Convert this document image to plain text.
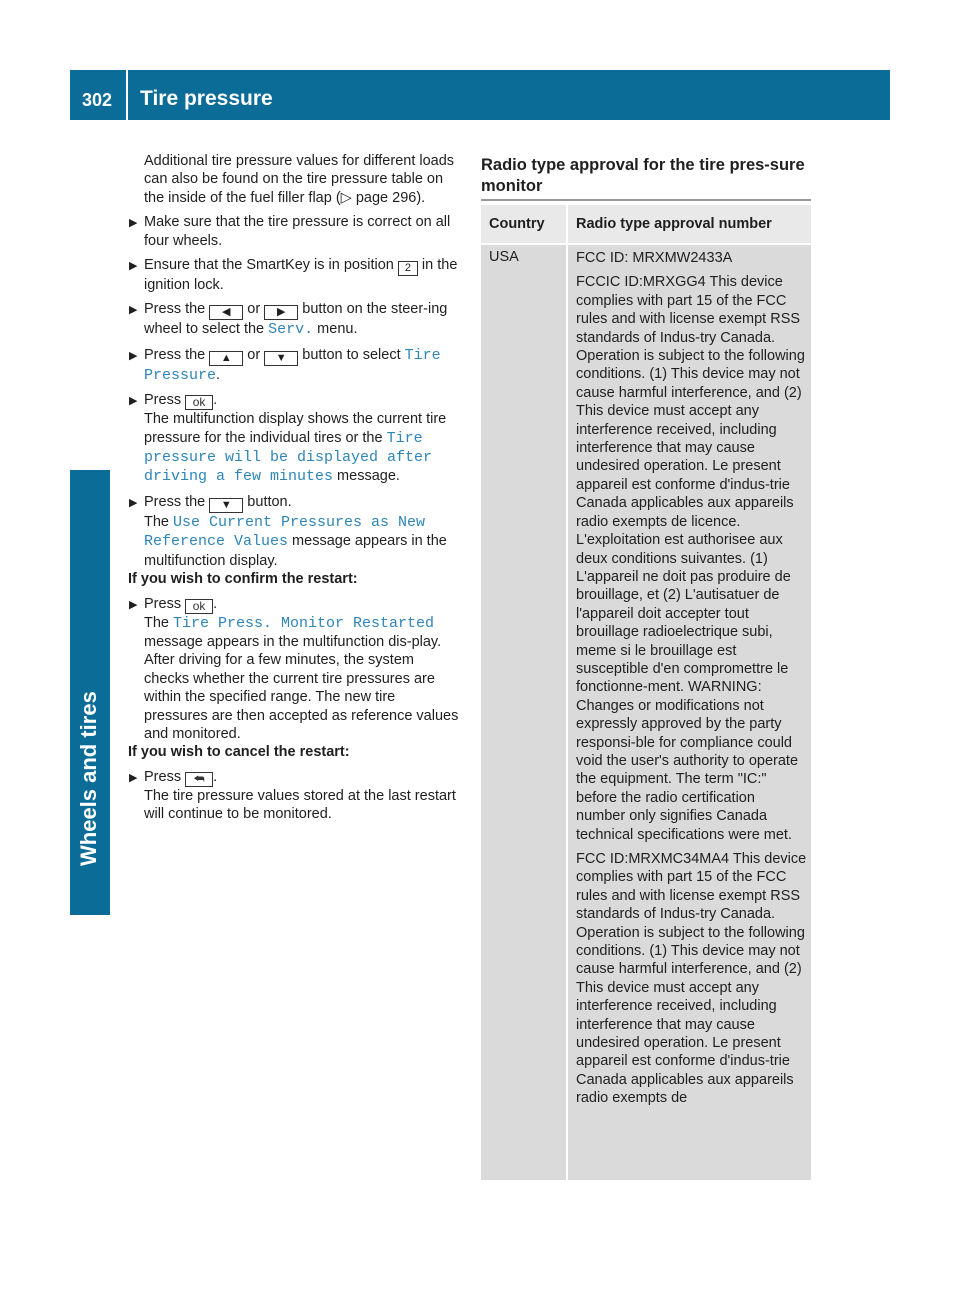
302 Tire pressure
Wheels and tires

Additional tire pressure values for different loads can also be found on the tire pressure table on the inside of the fuel filler flap (▷ page 296).

▶ Make sure that the tire pressure is correct on all four wheels.
▶ Ensure that the SmartKey is in position 2 in the ignition lock.
▶ Press the ◀ or ▶ button on the steer-ing wheel to select the Serv. menu.
▶ Press the ▲ or ▼ button to select Tire Pressure.
▶ Press ok .
The multifunction display shows the current tire pressure for the individual tires or the Tire pressure will be displayed after driving a few minutes message.
▶ Press the ▼ button.
The Use Current Pressures as New Reference Values message appears in the multifunction display.

If you wish to confirm the restart:

▶ Press ok .
The Tire Press. Monitor Restarted message appears in the multifunction dis-play.

After driving for a few minutes, the system checks whether the current tire pressures are within the specified range. The new tire pressures are then accepted as reference values and monitored.

If you wish to cancel the restart:

▶ Press ⮪ .
The tire pressure values stored at the last restart will continue to be monitored.
Radio type approval for the tire pres-sure monitor
Country Radio type approval number
USA	FCC ID: MRXMW2433A

FCCIC ID:MRXGG4 This device complies with part 15 of the FCC rules and with license exempt RSS standards of Indus-try Canada. Operation is subject to the following conditions. (1) This device may not cause harmful interference, and (2) This device must accept any interference received, including interference that may cause undesired operation. Le present appareil est conforme d'indus-trie Canada applicables aux appareils radio exempts de licence. L'exploitation est authorisee aux deux conditions suivantes. (1) L'appareil ne doit pas produire de brouillage, et (2) L'autisatuer de l'appareil doit accepter tout brouillage radioelectrique subi, meme si le brouillage est susceptible d'en compromettre le fonctionne-ment. WARNING: Changes or modifications not expressly approved by the party responsi-ble for compliance could void the user's authority to operate the equipment. The term "IC:" before the radio certification number only signifies Canada technical specifications were met.

FCC ID:MRXMC34MA4 This device complies with part 15 of the FCC rules and with license exempt RSS standards of Indus-try Canada. Operation is subject to the following conditions. (1) This device may not cause harmful interference, and (2) This device must accept any interference received, including interference that may cause undesired operation. Le present appareil est conforme d'indus-trie Canada applicables aux appareils radio exempts de
